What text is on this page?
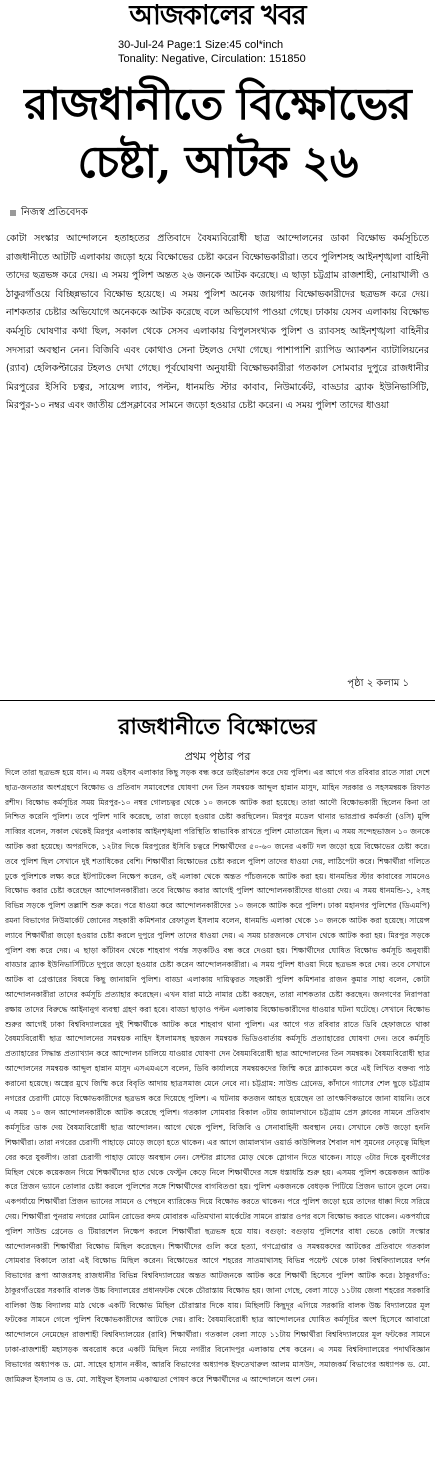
আজকালের খবর
30-Jul-24 Page:1 Size:45 col*inch
Tonality: Negative, Circulation: 151850
রাজধানীতে বিক্ষোভের
চেষ্টা, আটক ২৬
নিজস্ব প্রতিবেদক

কোটা সংস্কার আন্দোলনে হতাহতের প্রতিবাদে বৈষম্যবিরোধী ছাত্র আন্দোলনের ডাকা বিক্ষোভ কর্মসূচিতে রাজধানীতে আটটি এলাকায় জড়ো হয়ে বিক্ষোভের চেষ্টা করেন বিক্ষোভকারীরা। তবে পুলিশসহ আইনশৃঙ্খলা বাহিনী তাদের ছত্রভঙ্গ করে দেয়। এ সময় পুলিশ অন্তত ২৬ জনকে আটক করেছে। এ ছাড়া চট্টগ্রাম রাজশাহী, নোয়াখালী ও ঠাকুরগাঁওয়ে বিচ্ছিন্নভাবে বিক্ষোভ হয়েছে। এ সময় পুলিশ অনেক জায়গায় বিক্ষোভকারীদের ছত্রভঙ্গ করে দেয়। নাশকতার চেষ্টার অভিযোগে অনেককে আটক করেছে বলে অভিযোগ পাওয়া গেছে। ঢাকায় যেসব এলাকায় বিক্ষোভ কর্মসূচি ঘোষণার কথা ছিল, সকাল থেকে সেসব এলাকায় বিপুলসংখ্যক পুলিশ ও র‍্যাবসহ আইনশৃঙ্খলা বাহিনীর সদস্যরা অবস্থান নেন। বিজিবি এবং কোথাও সেনা টহলও দেখা গেছে। পাশাপাশি র‍্যাপিড অ্যাকশন ব্যাটালিয়নের (র‍্যাব) হেলিকপ্টারের টহলও দেখা গেছে। পূর্বঘোষণা অনুযায়ী বিক্ষোভকারীরা গতকাল সোমবার দুপুরে রাজধানীর মিরপুরের ইসিবি চত্বর, সায়েন্স ল্যাব, পল্টন, ধানমন্ডি স্টার কাবাব, নিউমার্কেট, বাড্ডার ব্র্যাক ইউনিভার্সিটি, মিরপুর-১০ নম্বর এবং জাতীয় প্রেসক্লাবের সামনে জড়ো হওয়ার চেষ্টা করেন। এ সময় পুলিশ তাদের ধাওয়া

পৃষ্ঠা ২ কলাম ১
রাজধানীতে বিক্ষোভের
প্রথম পৃষ্ঠার পর

দিলে তারা ছত্রভঙ্গ হয়ে যান। এ সময় ওইসব এলাকার কিছু সড়ক বন্ধ করে ডাইভারশন করে দেয় পুলিশ। এর আগে গত রবিবার রাতে সারা দেশে ছাত্র-জনতার অংশগ্রহণে বিক্ষোভ ও প্রতিবাদ সমাবেশের ঘোষণা দেন তিন সমন্বয়ক আব্দুল হান্নান মাসুদ, মাহিন সরকার ও সহসমন্বয়ক রিফাত রশীদ। বিক্ষোভ কর্মসূচির সময় মিরপুর-১০ নম্বর গোলচত্বর থেকে ১০ জনকে আটক করা হয়েছে। তারা আদৌ বিক্ষোভকারী ছিলেন কিনা তা নিশ্চিত করেনি পুলিশ। তবে পুলিশ দাবি করেছে, তারা জড়ো হওয়ার চেষ্টা করছিলেন। মিরপুর মডেল থানার ভারপ্রাপ্ত কর্মকর্তা (ওসি) মুন্সি সাব্বির বলেন, সকাল থেকেই মিরপুর এলাকায় আইনশৃঙ্খলা পরিস্থিতি স্বাভাবিক রাখতে পুলিশ মোতায়েন ছিল। এ সময় সন্দেহভাজন ১০ জনকে আটক করা হয়েছে। অপরদিকে, ১২টার দিকে মিরপুরের ইসিবি চত্বরে শিক্ষার্থীদের ৫০-৬০ জনের একটি দল জড়ো হয়ে বিক্ষোভের চেষ্টা করে। তবে পুলিশ ছিল সেখানে দুই শতাধিকের বেশি। শিক্ষার্থীরা বিক্ষোভের চেষ্টা করলে পুলিশ তাদের ধাওয়া দেয়, লাঠিপেটা করে। শিক্ষার্থীরা গলিতে ঢুকে পুলিশকে লক্ষ্য করে ইটপাটকেল নিক্ষেপ করেন, ওই এলাকা থেকে অন্তত পাঁচজনকে আটক করা হয়। ধানমন্ডির স্টার কাবাবের সামনেও বিক্ষোভ করার চেষ্টা করেছেন আন্দোলনকারীরা। তবে বিক্ষোভ করার আগেই পুলিশ আন্দোলনকারীদের ধাওয়া দেয়। এ সময় ধানমন্ডি-১, ২সহ বিভিন্ন সড়কে পুলিশ তল্লাশি শুরু করে। পরে ধাওয়া করে আন্দোলনকারীদের ১০ জনকে আটক করে পুলিশ। ঢাকা মহানগর পুলিশের (ডিএমপি) রমনা বিভাগের নিউমার্কেট জোনের সহকারী কমিশনার রেফাতুল ইসলাম বলেন, ধানমন্ডি এলাকা থেকে ১০ জনকে আটক করা হয়েছে। সায়েন্স ল্যাবে শিক্ষার্থীরা জড়ো হওয়ার চেষ্টা করলে দুপুরে পুলিশ তাদের ধাওয়া দেয়। এ সময় চারজনকে সেখান থেকে আটক করা হয়। মিরপুর সড়কে পুলিশ বন্ধ করে দেয়। এ ছাড়া কাঁটাবন থেকে শাহবাগ পর্যন্ত সড়কটিও বন্ধ করে দেওয়া হয়। শিক্ষার্থীদের ঘোষিত বিক্ষোভ কর্মসূচি অনুযায়ী বাড্ডার ব্র্যাক ইউনিভার্সিটিতে দুপুরে জড়ো হওয়ার চেষ্টা করেন আন্দোলনকারীরা। এ সময় পুলিশ ধাওয়া দিয়ে ছত্রভঙ্গ করে দেয়। তবে সেখানে আটক বা গ্রেপ্তারের বিষয়ে কিছু জানায়নি পুলিশ। বাড্ডা এলাকায় দায়িত্বরত সহকারী পুলিশ কমিশনার রাজন কুমার সাহা বলেন, কোটা আন্দোলনকারীরা তাদের কর্মসূচি প্রত্যাহার করেছেন। এখন যারা মাঠে নামার চেষ্টা করছেন, তারা নাশকতার চেষ্টা করছেন। জনগণের নিরাপত্তা রক্ষায় তাদের বিরুদ্ধে আইনানুগ ব্যবস্থা গ্রহণ করা হবে। বাড্ডা ছাড়াও পল্টন এলাকায় বিক্ষোভকারীদের ধাওয়ার ঘটনা ঘটেছে। সেখানে বিক্ষোভ শুরুর আগেই ঢাকা বিশ্ববিদ্যালয়ের দুই শিক্ষার্থীকে আটক করে শাহবাগ থানা পুলিশ। এর আগে গত রবিবার রাতে ডিবি হেফাজতে থাকা বৈষম্যবিরোধী ছাত্র আন্দোলনের সমন্বয়ক নাহিদ ইসলামসহ ছয়জন সমন্বয়ক ভিডিওবার্তায় কর্মসূচি প্রত্যাহারের ঘোষণা দেন। তবে কর্মসূচি প্রত্যাহারের সিদ্ধান্ত প্রত্যাখ্যান করে আন্দোলন চালিয়ে যাওয়ার ঘোষণা দেন বৈষম্যবিরোধী ছাত্র আন্দোলনের তিন সমন্বয়ক। বৈষম্যবিরোধী ছাত্র আন্দোলনের সমন্বয়ক আব্দুল হান্নান মাসুদ এসএমএসে বলেন, ডিবি কার্যালয়ে সমন্বয়কদের জিম্মি করে ব্ল্যাকমেল করে এই লিখিত বক্তব্য পাঠ করানো হয়েছে। অস্ত্রের মুখে জিম্মি করে বিবৃতি আদায় ছাত্রসমাজ মেনে নেবে না। চট্টগ্রাম: সাউন্ড গ্রেনেড, কাঁদানে গ্যাসের শেল ছুড়ে চট্টগ্রাম নগরের চেরাগী মোড়ে বিক্ষোভকারীদের ছত্রভঙ্গ করে দিয়েছে পুলিশ। এ ঘটনায় কতজন আহত হয়েছেন তা তাৎক্ষণিকভাবে জানা যায়নি। তবে এ সময় ১০ জন আন্দোলনকারীকে আটক করেছে পুলিশ। গতকাল সোমবার বিকাল ৩টায় জামালখানে চট্টগ্রাম প্রেস ক্লাবের সামনে প্রতিবাদ কর্মসূচির ডাক দেয় বৈষম্যবিরোধী ছাত্র আন্দোলন। আগে থেকে পুলিশ, বিজিবি ও সেনাবাহিনী অবস্থান নেয়। সেখানে কেউ জড়ো হননি শিক্ষার্থীরা। তারা নগরের চেরাগী পাহাড়ে মোড়ে জড়ো হতে থাকেন। এর আগে জামালখান ওয়ার্ড কাউন্সিলর শৈবাল দাশ সুমনের নেতৃত্বে মিছিল বের করে যুবলীগ। তারা চেরাগী পাহাড় মোড়ে অবস্থান নেন। সেন্টার প্লাসের মোড় থেকে স্লোগান দিতে থাকেন। সাড়ে ৩টার দিকে যুবলীগের মিছিল থেকে কয়েকজন গিয়ে শিক্ষার্থীদের হাত থেকে ফেস্টুন কেড়ে নিলে শিক্ষার্থীদের সঙ্গে ধস্তাধস্তি শুরু হয়। এসময় পুলিশ কয়েকজন আটক করে প্রিজন ভ্যানে তোলার চেষ্টা করলে পুলিশের সঙ্গে শিক্ষার্থীদের বাগবিতণ্ডা হয়। পুলিশ একজনকে বেধড়ক পিটিয়ে প্রিজন ভ্যানে তুলে নেয়। একপর্যায়ে শিক্ষার্থীরা প্রিজন ভ্যানের সামনে ও পেছনে ব্যারিকেড দিয়ে বিক্ষোভ করতে থাকেন। পরে পুলিশ জড়ো হয়ে তাদের ধাক্কা দিয়ে সরিয়ে দেয়। শিক্ষার্থীরা পুনরায় নগরের মোমিন রোডের কদম মোবারক এতিমখানা মার্কেটের সামনে রাস্তার ওপর বসে বিক্ষোভ করতে থাকেন। একপর্যায়ে পুলিশ সাউন্ড গ্রেনেড ও টিয়ারশেল নিক্ষেপ করলে শিক্ষার্থীরা ছত্রভঙ্গ হয়ে যায়। বগুড়া: বগুড়ায় পুলিশের বাধা ভেঙে কোটা সংস্কার আন্দোলনকারী শিক্ষার্থীরা বিক্ষোভ মিছিল করেছেন। শিক্ষার্থীদের গুলি করে হত্যা, গণগ্রেপ্তার ও সমন্বয়কদের আটকের প্রতিবাদে গতকাল সোমবার বিকালে তারা এই বিক্ষোভ মিছিল করেন। বিক্ষোভের আগে শহরের সাতমাথাসহ বিভিন্ন পয়েন্ট থেকে ঢাকা বিশ্ববিদ্যালয়ের দর্শন বিভাগের রূপা আজরসহ রাজধানীর বিভিন্ন বিশ্ববিদ্যালয়ের অন্তত আটজনকে আটক করে শিক্ষার্থী হিসেবে পুলিশ আটক করে। ঠাকুরগাঁও: ঠাকুরগাঁওয়ের সরকারি বালক উচ্চ বিদ্যালয়ের প্রধানফটক থেকে চৌরাস্তায় বিক্ষোভ হয়। জানা গেছে, বেলা সাড়ে ১১টায় জেলা শহরের সরকারি বালিকা উচ্চ বিদ্যালয় মাঠ থেকে একটি বিক্ষোভ মিছিল চৌরাস্তার দিকে যায়। মিছিলটি কিছুদূর এগিয়ে সরকারি বালক উচ্চ বিদ্যালয়ের মূল ফটকের সামনে গেলে পুলিশ বিক্ষোভকারীদের আটকে দেয়। রাবি: বৈষম্যবিরোধী ছাত্র আন্দোলনের ঘোষিত কর্মসূচির অংশ হিসেবে আবারো আন্দোলনে নেমেছেন রাজশাহী বিশ্ববিদ্যালয়ের (রাবি) শিক্ষার্থীরা। গতকাল বেলা সাড়ে ১১টায় শিক্ষার্থীরা বিশ্ববিদ্যালয়ের মূল ফটকের সামনে ঢাকা-রাজশাহী মহাসড়ক অবরোধ করে একটি মিছিল নিয়ে নগরীর বিনোদপুর এলাকায় শেষ করেন। এ সময় বিশ্ববিদ্যালয়ের পদার্থবিজ্ঞান বিভাগের অধ্যাপক ড. মো. সাহেব হাসান নকীব, আরবি বিভাগের অধ্যাপক ইফতেখারুল আলম মাসউদ, সমাজকর্ম বিভাগের অধ্যাপক ড. মো. জামিরুল ইসলাম ও ড. মো. সাইফুল ইসলাম একাত্মতা পোষণ করে শিক্ষার্থীদের এ আন্দোলনে অংশ নেন।
